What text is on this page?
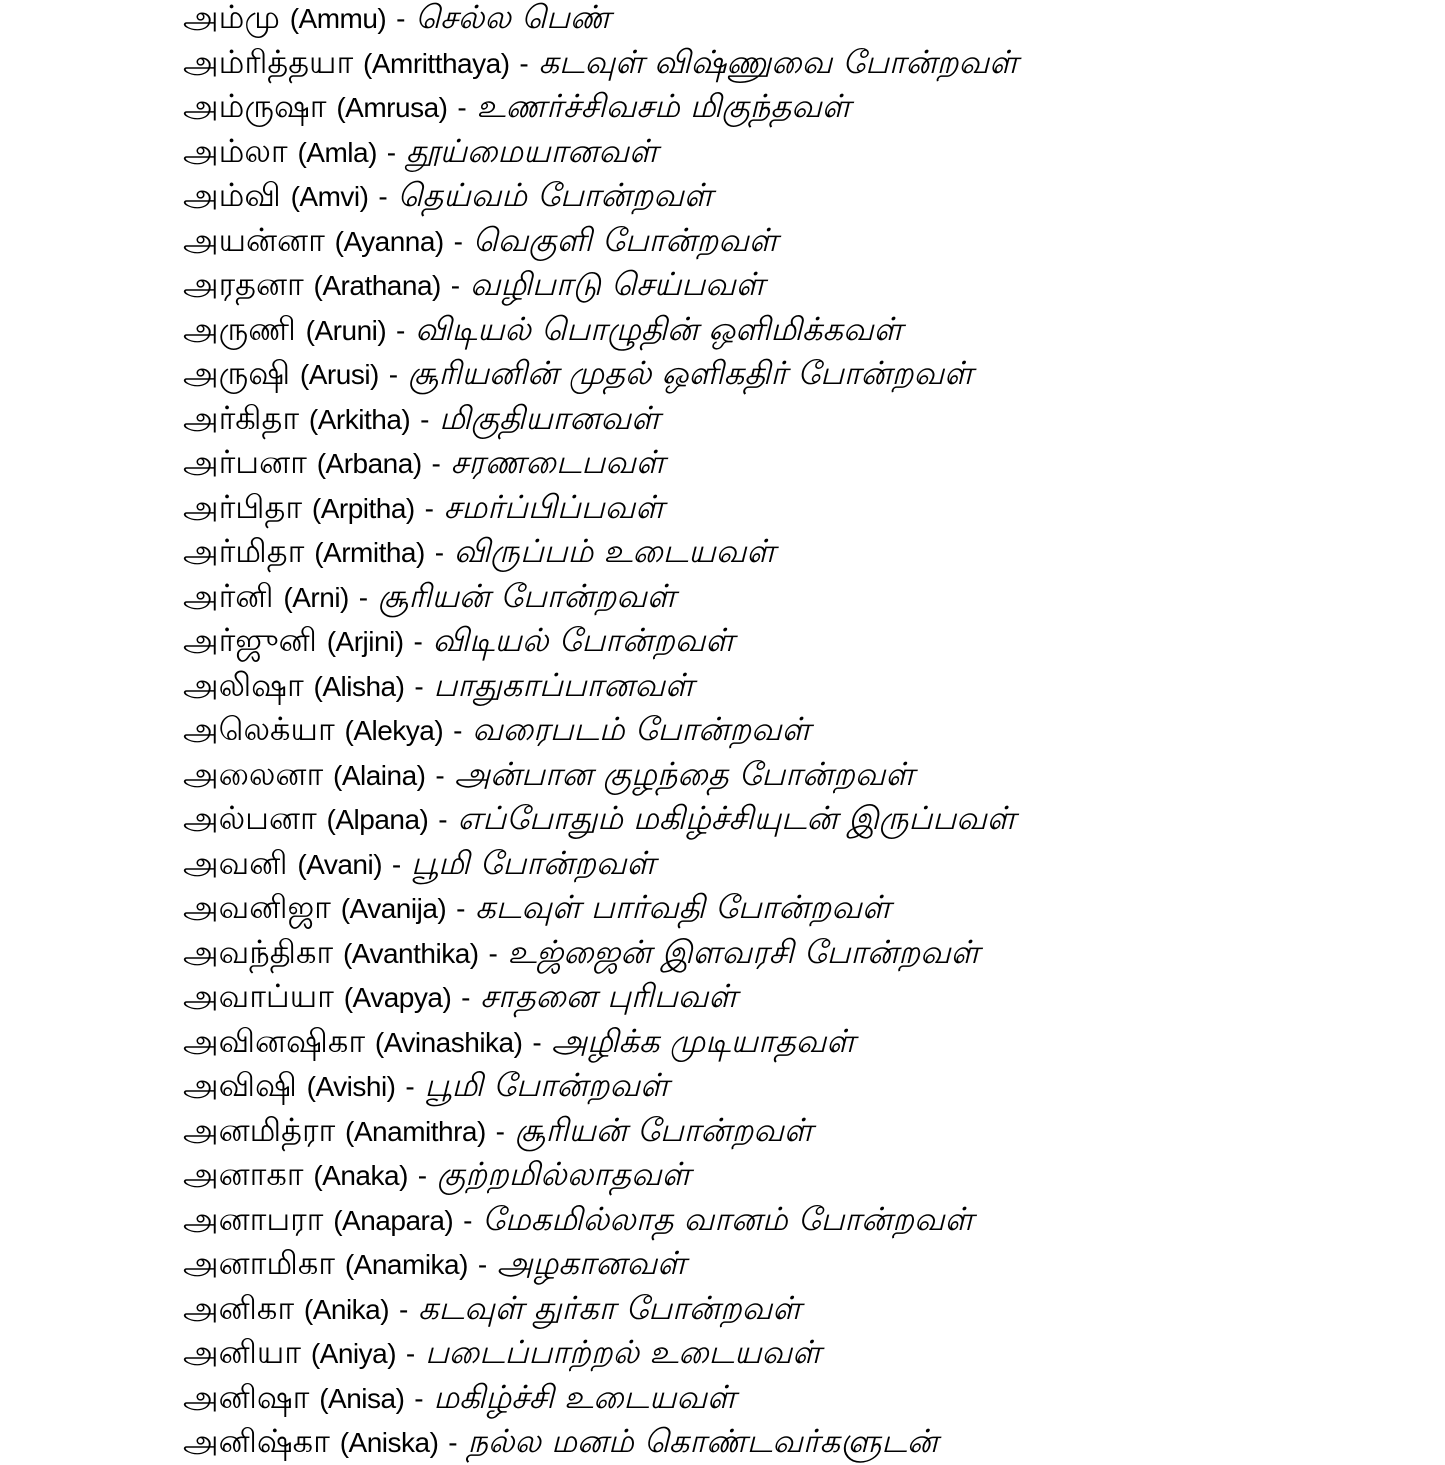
அம்மு (Ammu) - செல்ல பெண்

அம்ரித்தயா (Amritthaya) - கடவுள் விஷ்ணுவை போன்றவள்

அம்ருஷா (Amrusa) - உணர்ச்சிவசம் மிகுந்தவள்

அம்லா (Amla) - தூய்மையானவள்

அம்வி (Amvi) - தெய்வம் போன்றவள்

அயன்னா (Ayanna) - வெகுளி போன்றவள்

அரதனா (Arathana) - வழிபாடு செய்பவள்

அருணி (Aruni) - விடியல் பொழுதின் ஒளிமிக்கவள்

அருஷி (Arusi) - சூரியனின் முதல் ஒளிகதிர் போன்றவள்

அர்கிதா (Arkitha) - மிகுதியானவள்

அர்பனா (Arbana) - சரணடைபவள்

அர்பிதா (Arpitha) - சமர்ப்பிப்பவள்

அர்மிதா (Armitha) - விருப்பம் உடையவள்

அர்னி (Arni) - சூரியன் போன்றவள்

அர்ஜுனி (Arjini) - விடியல் போன்றவள்

அலிஷா (Alisha) - பாதுகாப்பானவள்

அலெக்யா (Alekya) - வரைபடம் போன்றவள்

அலைனா (Alaina) - அன்பான குழந்தை போன்றவள்

அல்பனா (Alpana) - எப்போதும் மகிழ்ச்சியுடன் இருப்பவள்

அவனி (Avani) - பூமி போன்றவள்

அவனிஜா (Avanija) - கடவுள் பார்வதி போன்றவள்

அவந்திகா (Avanthika) - உஜ்ஜைன் இளவரசி போன்றவள்

அவாப்யா (Avapya) - சாதனை புரிபவள்

அவினஷிகா (Avinashika) - அழிக்க முடியாதவள்

அவிஷி (Avishi) - பூமி போன்றவள்

அனமித்ரா (Anamithra) - சூரியன் போன்றவள்

அனாகா (Anaka) - குற்றமில்லாதவள்

அனாபரா (Anapara) - மேகமில்லாத வானம் போன்றவள்

அனாமிகா (Anamika) - அழகானவள்

அனிகா (Anika) - கடவுள் துர்கா போன்றவள்

அனியா (Aniya) - படைப்பாற்றல் உடையவள்

அனிஷா (Anisa) - மகிழ்ச்சி உடையவள்

அனிஷ்கா (Aniska) - நல்ல மனம் கொண்டவர்களுடன்
